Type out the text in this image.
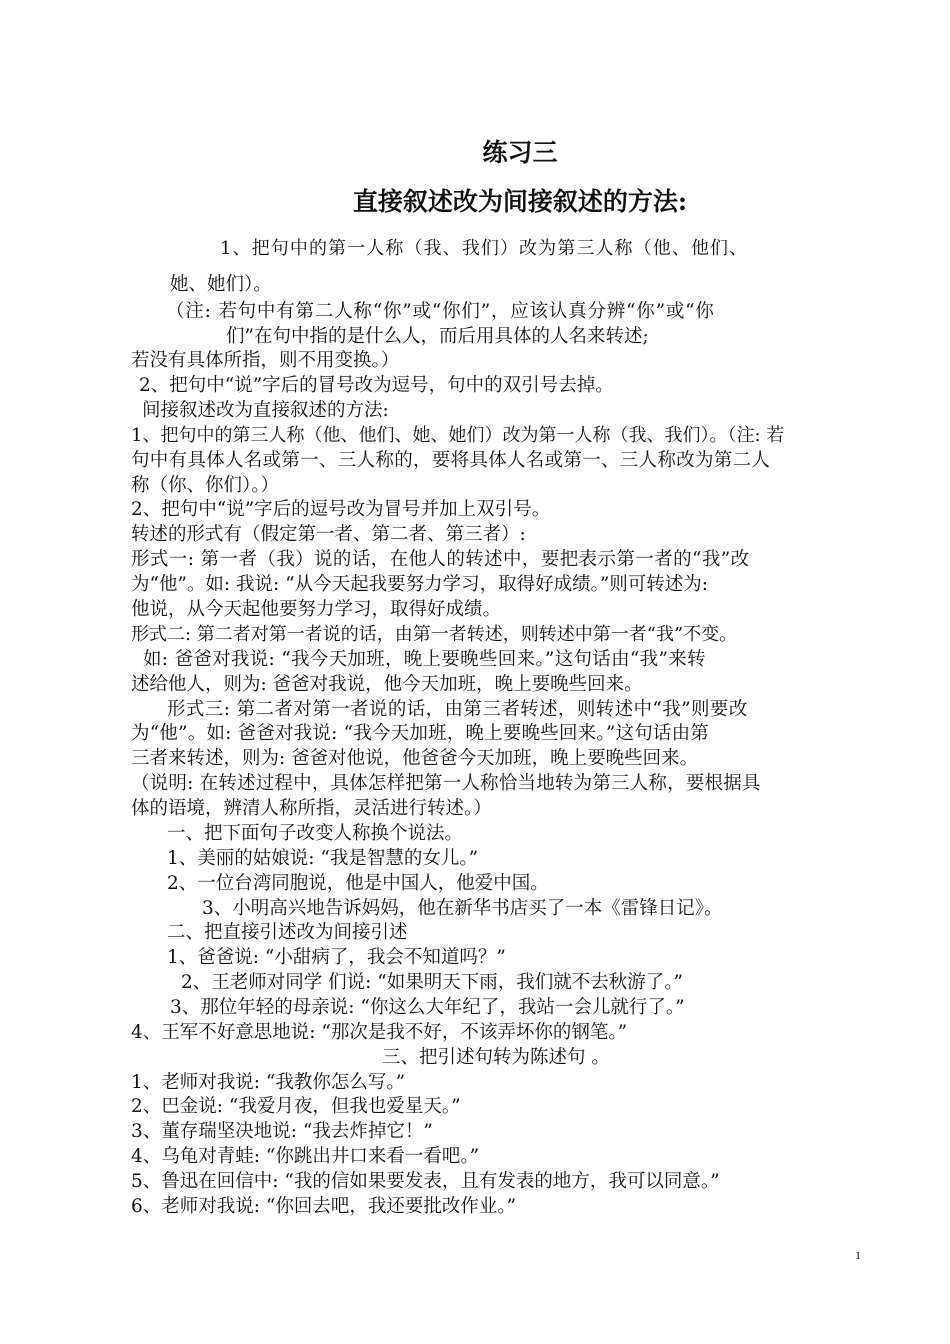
练习三
直接叙述改为间接叙述的方法:

1、把句中的第一人称（我、我们）改为第三人称（他、他们、

她、她们）。

（注: 若句中有第二人称“你”或“你们”，应该认真分辨“你”或“你

们”在句中指的是什么人，而后用具体的人名来转述;

若没有具体所指，则不用变换。）

2、把句中“说”字后的冒号改为逗号，句中的双引号去掉。

间接叙述改为直接叙述的方法:

1、把句中的第三人称（他、他们、她、她们）改为第一人称（我、我们）。（注: 若

句中有具体人名或第一、三人称的，要将具体人名或第一、三人称改为第二人

称（你、你们）。）

2、把句中“说”字后的逗号改为冒号并加上双引号。

转述的形式有（假定第一者、第二者、第三者）:

形式一: 第一者（我）说的话，在他人的转述中，要把表示第一者的“我”改

为“他”。如: 我说: “从今天起我要努力学习，取得好成绩。”则可转述为:

他说，从今天起他要努力学习，取得好成绩。

形式二: 第二者对第一者说的话，由第一者转述，则转述中第一者“我”不变。

如: 爸爸对我说: “我今天加班，晚上要晚些回来。”这句话由“我”来转

述给他人，则为: 爸爸对我说，他今天加班，晚上要晚些回来。

形式三: 第二者对第一者说的话，由第三者转述，则转述中“我”则要改

为“他”。如: 爸爸对我说: “我今天加班，晚上要晚些回来。”这句话由第

三者来转述，则为: 爸爸对他说，他爸爸今天加班，晚上要晚些回来。

（说明: 在转述过程中，具体怎样把第一人称恰当地转为第三人称，要根据具

体的语境，辨清人称所指，灵活进行转述。）

一、把下面句子改变人称换个说法。

1、美丽的姑娘说: “我是智慧的女儿。”

2、一位台湾同胞说，他是中国人，他爱中国。

3、小明高兴地告诉妈妈，他在新华书店买了一本《雷锋日记》。

二、把直接引述改为间接引述

1、爸爸说: “小甜病了，我会不知道吗？”

2、王老师对同学 们说: “如果明天下雨，我们就不去秋游了。”

3、那位年轻的母亲说: “你这么大年纪了，我站一会儿就行了。”

4、王军不好意思地说: “那次是我不好，不该弄坏你的钢笔。”

三、把引述句转为陈述句 。

1、老师对我说: “我教你怎么写。”

2、巴金说: “我爱月夜，但我也爱星天。”

3、董存瑞坚决地说: “我去炸掉它！”

4、乌龟对青蛙: “你跳出井口来看一看吧。”

5、鲁迅在回信中: “我的信如果要发表，且有发表的地方，我可以同意。”

6、老师对我说: “你回去吧，我还要批改作业。”

1
